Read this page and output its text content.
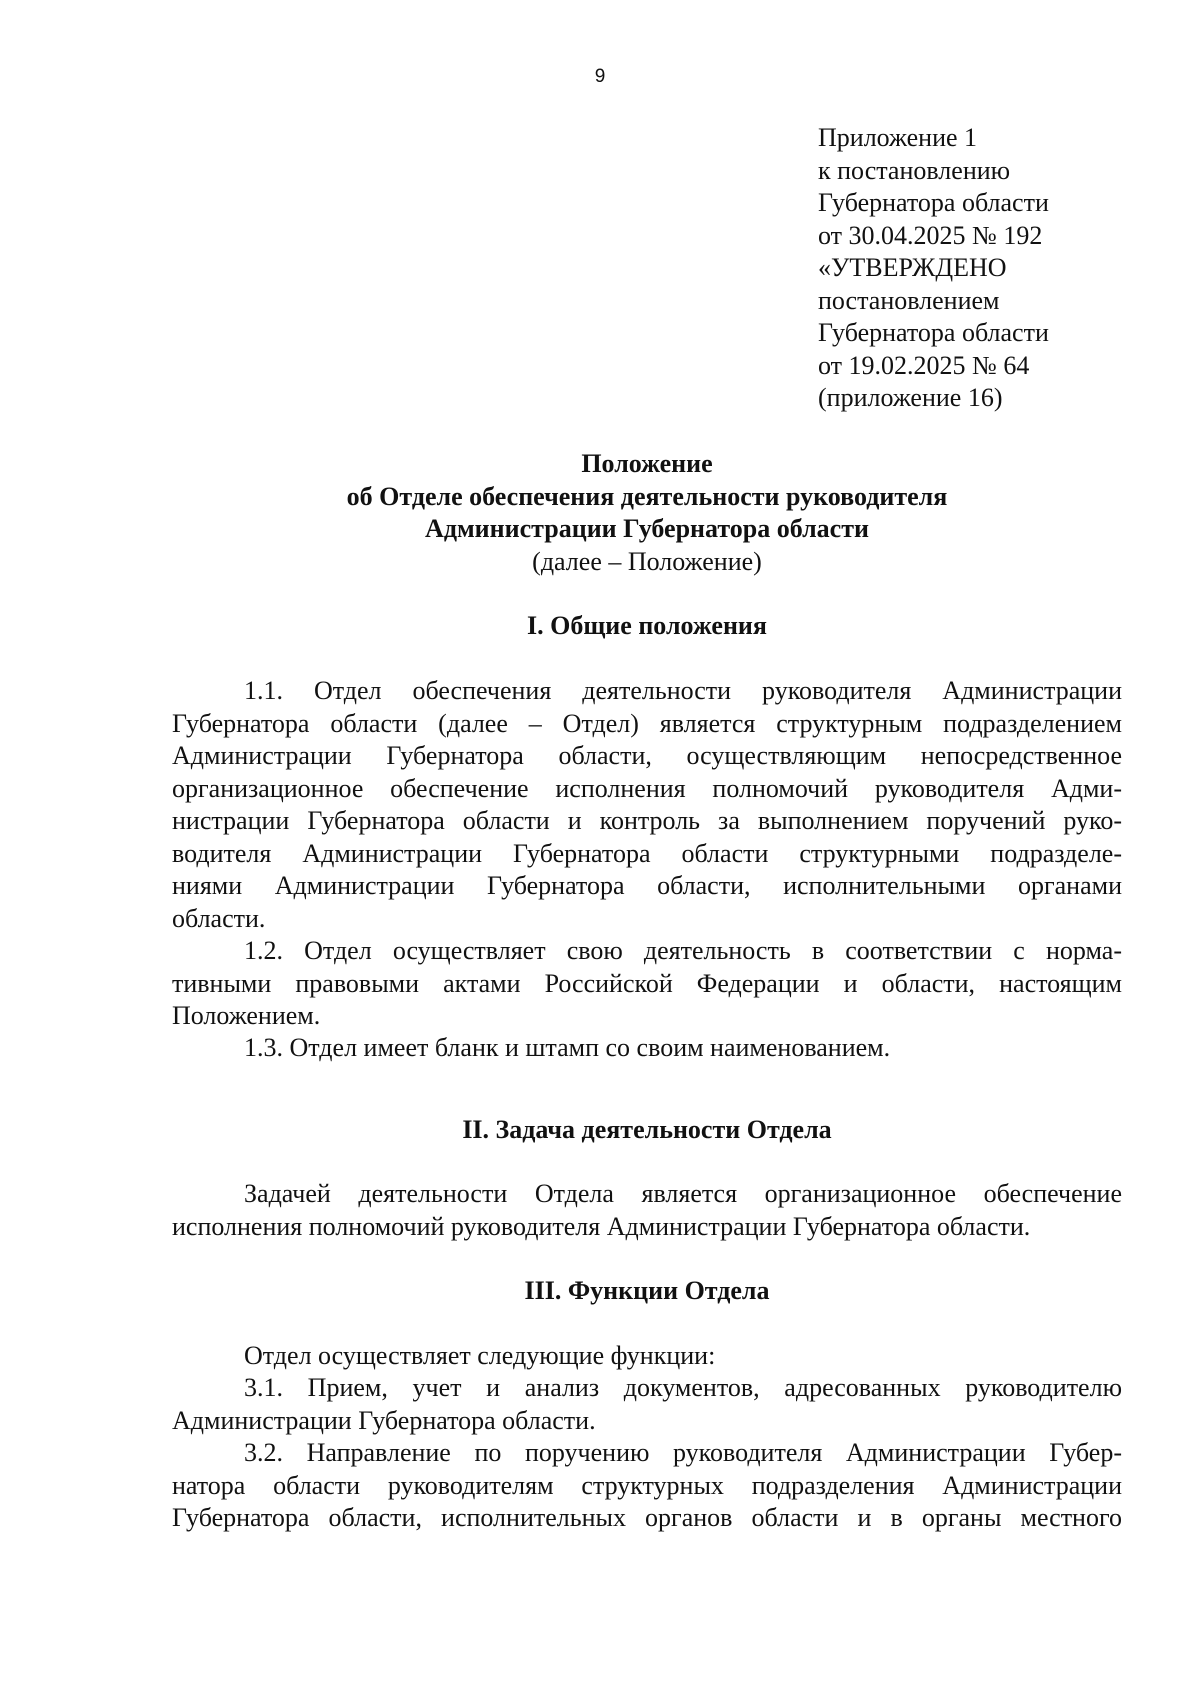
9
Приложение 1
к постановлению
Губернатора области
от 30.04.2025 № 192
«УТВЕРЖДЕНО
постановлением
Губернатора области
от 19.02.2025 № 64
(приложение 16)
Положение
об Отделе обеспечения деятельности руководителя
Администрации Губернатора области
(далее – Положение)
I. Общие положения
1.1. Отдел обеспечения деятельности руководителя Администрации
Губернатора области (далее – Отдел) является структурным подразделением
Администрации Губернатора области, осуществляющим непосредственное
организационное обеспечение исполнения полномочий руководителя Адми-
нистрации Губернатора области и контроль за выполнением поручений руко-
водителя Администрации Губернатора области структурными подразделе-
ниями Администрации Губернатора области, исполнительными органами
области.
1.2. Отдел осуществляет свою деятельность в соответствии с норма-
тивными правовыми актами Российской Федерации и области, настоящим
Положением.
1.3. Отдел имеет бланк и штамп со своим наименованием.
II. Задача деятельности Отдела
Задачей деятельности Отдела является организационное обеспечение
исполнения полномочий руководителя Администрации Губернатора области.
III. Функции Отдела
Отдел осуществляет следующие функции:
3.1. Прием, учет и анализ документов, адресованных руководителю
Администрации Губернатора области.
3.2. Направление по поручению руководителя Администрации Губер-
натора области руководителям структурных подразделения Администрации
Губернатора области, исполнительных органов области и в органы местного
